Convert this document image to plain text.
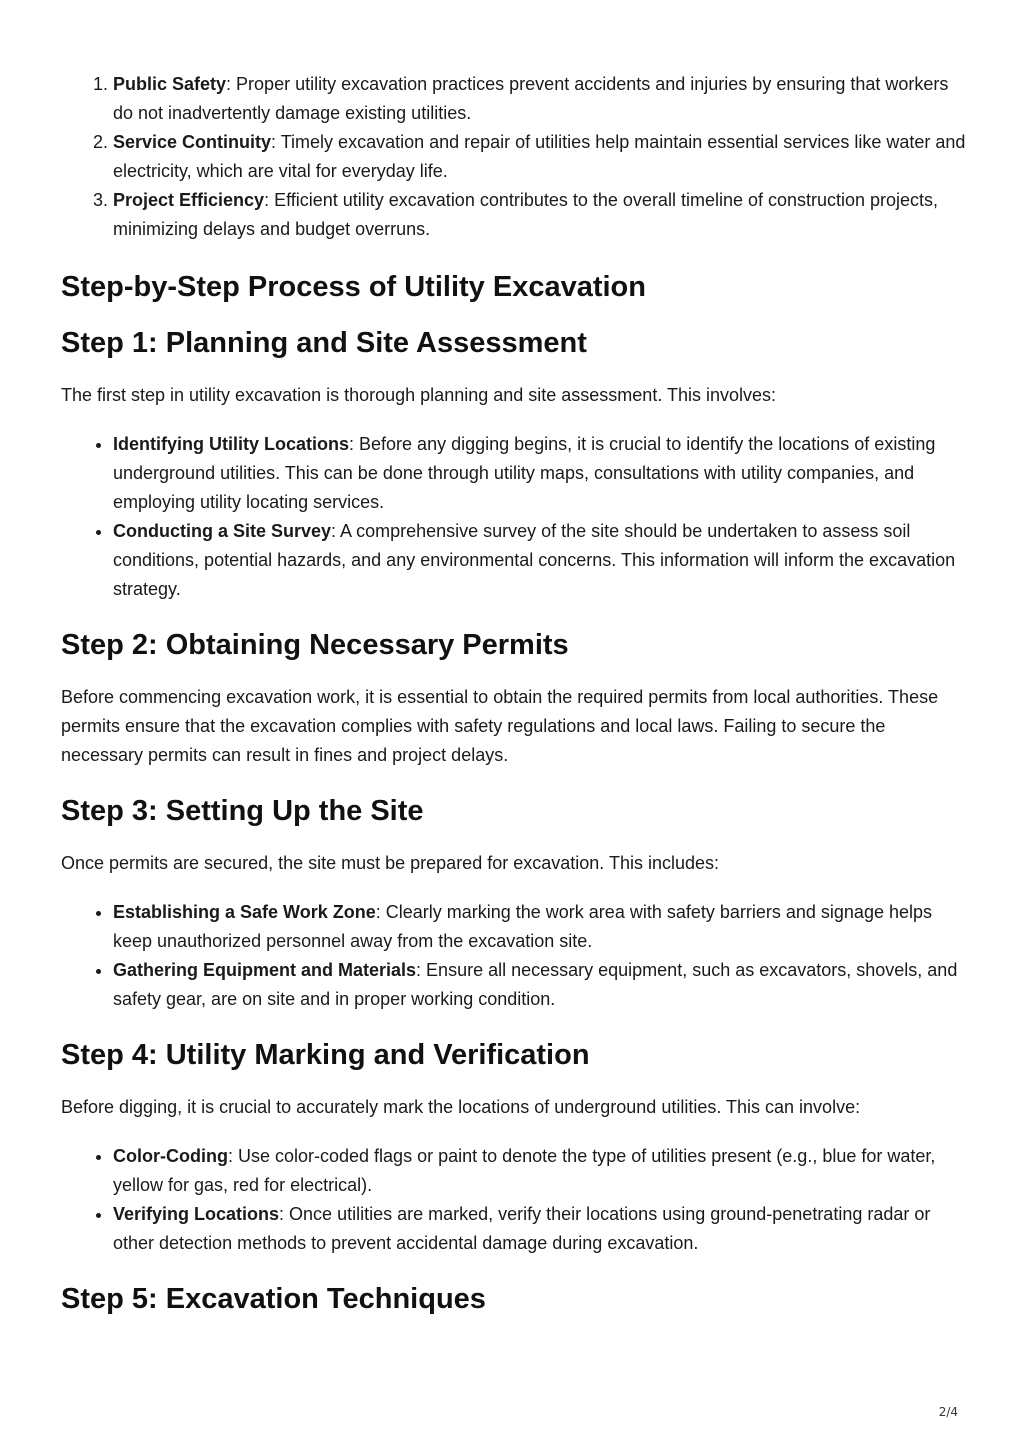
1. Public Safety: Proper utility excavation practices prevent accidents and injuries by ensuring that workers do not inadvertently damage existing utilities.
2. Service Continuity: Timely excavation and repair of utilities help maintain essential services like water and electricity, which are vital for everyday life.
3. Project Efficiency: Efficient utility excavation contributes to the overall timeline of construction projects, minimizing delays and budget overruns.
Step-by-Step Process of Utility Excavation
Step 1: Planning and Site Assessment

The first step in utility excavation is thorough planning and site assessment. This involves:

• Identifying Utility Locations: Before any digging begins, it is crucial to identify the locations of existing underground utilities. This can be done through utility maps, consultations with utility companies, and employing utility locating services.
• Conducting a Site Survey: A comprehensive survey of the site should be undertaken to assess soil conditions, potential hazards, and any environmental concerns. This information will inform the excavation strategy.
Step 2: Obtaining Necessary Permits

Before commencing excavation work, it is essential to obtain the required permits from local authorities. These permits ensure that the excavation complies with safety regulations and local laws. Failing to secure the necessary permits can result in fines and project delays.

Step 3: Setting Up the Site

Once permits are secured, the site must be prepared for excavation. This includes:

• Establishing a Safe Work Zone: Clearly marking the work area with safety barriers and signage helps keep unauthorized personnel away from the excavation site.
• Gathering Equipment and Materials: Ensure all necessary equipment, such as excavators, shovels, and safety gear, are on site and in proper working condition.
Step 4: Utility Marking and Verification

Before digging, it is crucial to accurately mark the locations of underground utilities. This can involve:

• Color-Coding: Use color-coded flags or paint to denote the type of utilities present (e.g., blue for water, yellow for gas, red for electrical).
• Verifying Locations: Once utilities are marked, verify their locations using ground-penetrating radar or other detection methods to prevent accidental damage during excavation.
Step 5: Excavation Techniques
2/4
